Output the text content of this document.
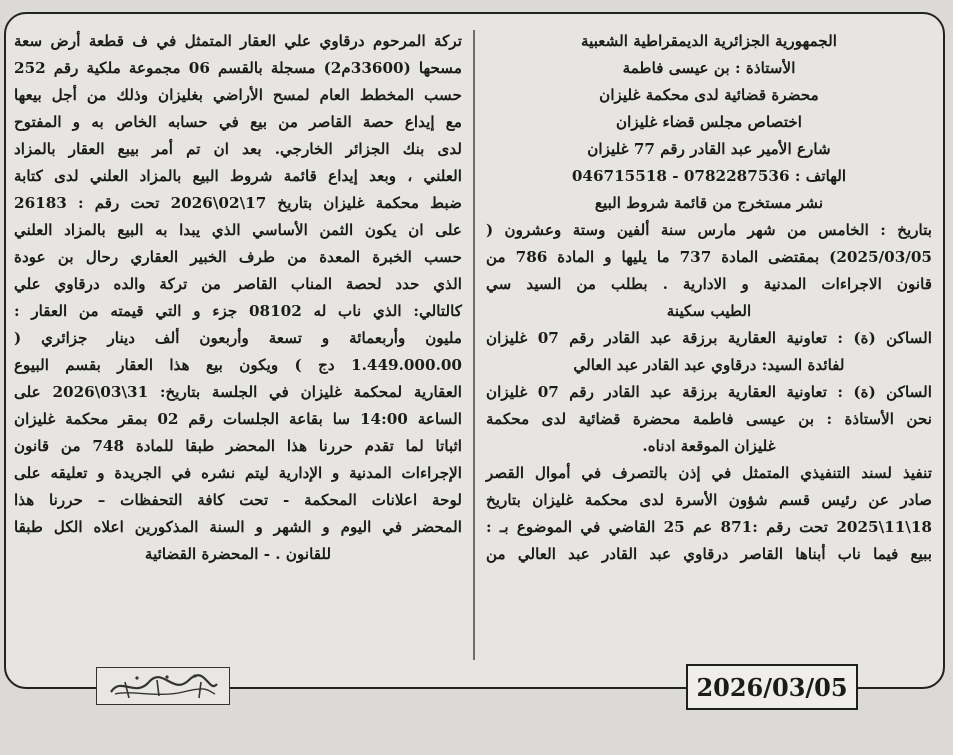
الجمهورية الجزائرية الديمقراطية الشعبية

الأستاذة : بن عيسى فاطمة

محضرة قضائية لدى محكمة غليزان

اختصاص مجلس قضاء غليزان

شارع الأمير عبد القادر رقم 77 غليزان

الهاتف : 0782287536 - 046715518

نشر مستخرج من قائمة شروط البيع

بتاريخ : الخامس من شهر مارس سنة ألفين وستة وعشرون (

2025/03/05) بمقتضى المادة 737 ما يليها و المادة 786 من

قانون الاجراءات المدنية و الادارية . بطلب من السيد سي

الطيب سكينة

الساكن (ة) : تعاونية العقارية برزقة عبد القادر رقم 07 غليزان

لفائدة السيد: درقاوي عبد القادر عبد العالي

الساكن (ة) : تعاونية العقارية برزقة عبد القادر رقم 07 غليزان

نحن الأستاذة : بن عيسى فاطمة محضرة قضائية لدى محكمة

غليزان الموقعة ادناه.

تنفيذ لسند التنفيذي المتمثل في إذن بالتصرف في أموال القصر

صادر عن رئيس قسم شؤون الأسرة لدى محكمة غليزان بتاريخ

18\11\2025 تحت رقم :871 عم 25 القاضي في الموضوع بـ :

ببيع فيما ناب أبناها القاصر درقاوي عبد القادر عبد العالي من

تركة المرحوم درقاوي علي العقار المتمثل في ف قطعة أرض سعة

مسحها (33600م2) مسجلة بالقسم 06 مجموعة ملكية رقم 252

حسب المخطط العام لمسح الأراضي بغليزان وذلك من أجل بيعها

مع إيداع حصة القاصر من بيع في حسابه الخاص به و المفتوح

لدى بنك الجزائر الخارجي. بعد ان تم أمر بيبع العقار بالمزاد

العلني ، وبعد إيداع قائمة شروط البيع بالمزاد العلني لدى كتابة

ضبط محكمة غليزان بتاريخ 17\02\2026 تحت رقم : 26183

على ان يكون الثمن الأساسي الذي يبدا به البيع بالمزاد العلني

حسب الخبرة المعدة من طرف الخبير العقاري رحال بن عودة

الذي حدد لحصة المناب القاصر من تركة والده درقاوي علي

كالتالي: الذي ناب له 08102 جزء و التي قيمته من العقار :

مليون وأربعمائة و تسعة وأربعون ألف دينار جزائري (

1.449.000.00 دج ) ويكون بيع هذا العقار بقسم البيوع

العقارية لمحكمة غليزان في الجلسة بتاريخ: 31\03\2026 على

الساعة 14:00 سا بقاعة الجلسات رقم 02 بمقر محكمة غليزان

اثباتا لما تقدم حررنا هذا المحضر طبقا للمادة 748 من قانون

الإجراءات المدنية و الإدارية ليتم نشره في الجريدة و تعليقه على

لوحة اعلانات المحكمة - تحت كافة التحفظات – حررنا هذا

المحضر في اليوم و الشهر و السنة المذكورين اعلاه الكل طبقا

للقانون . - المحضرة القضائية

2026/03/05
